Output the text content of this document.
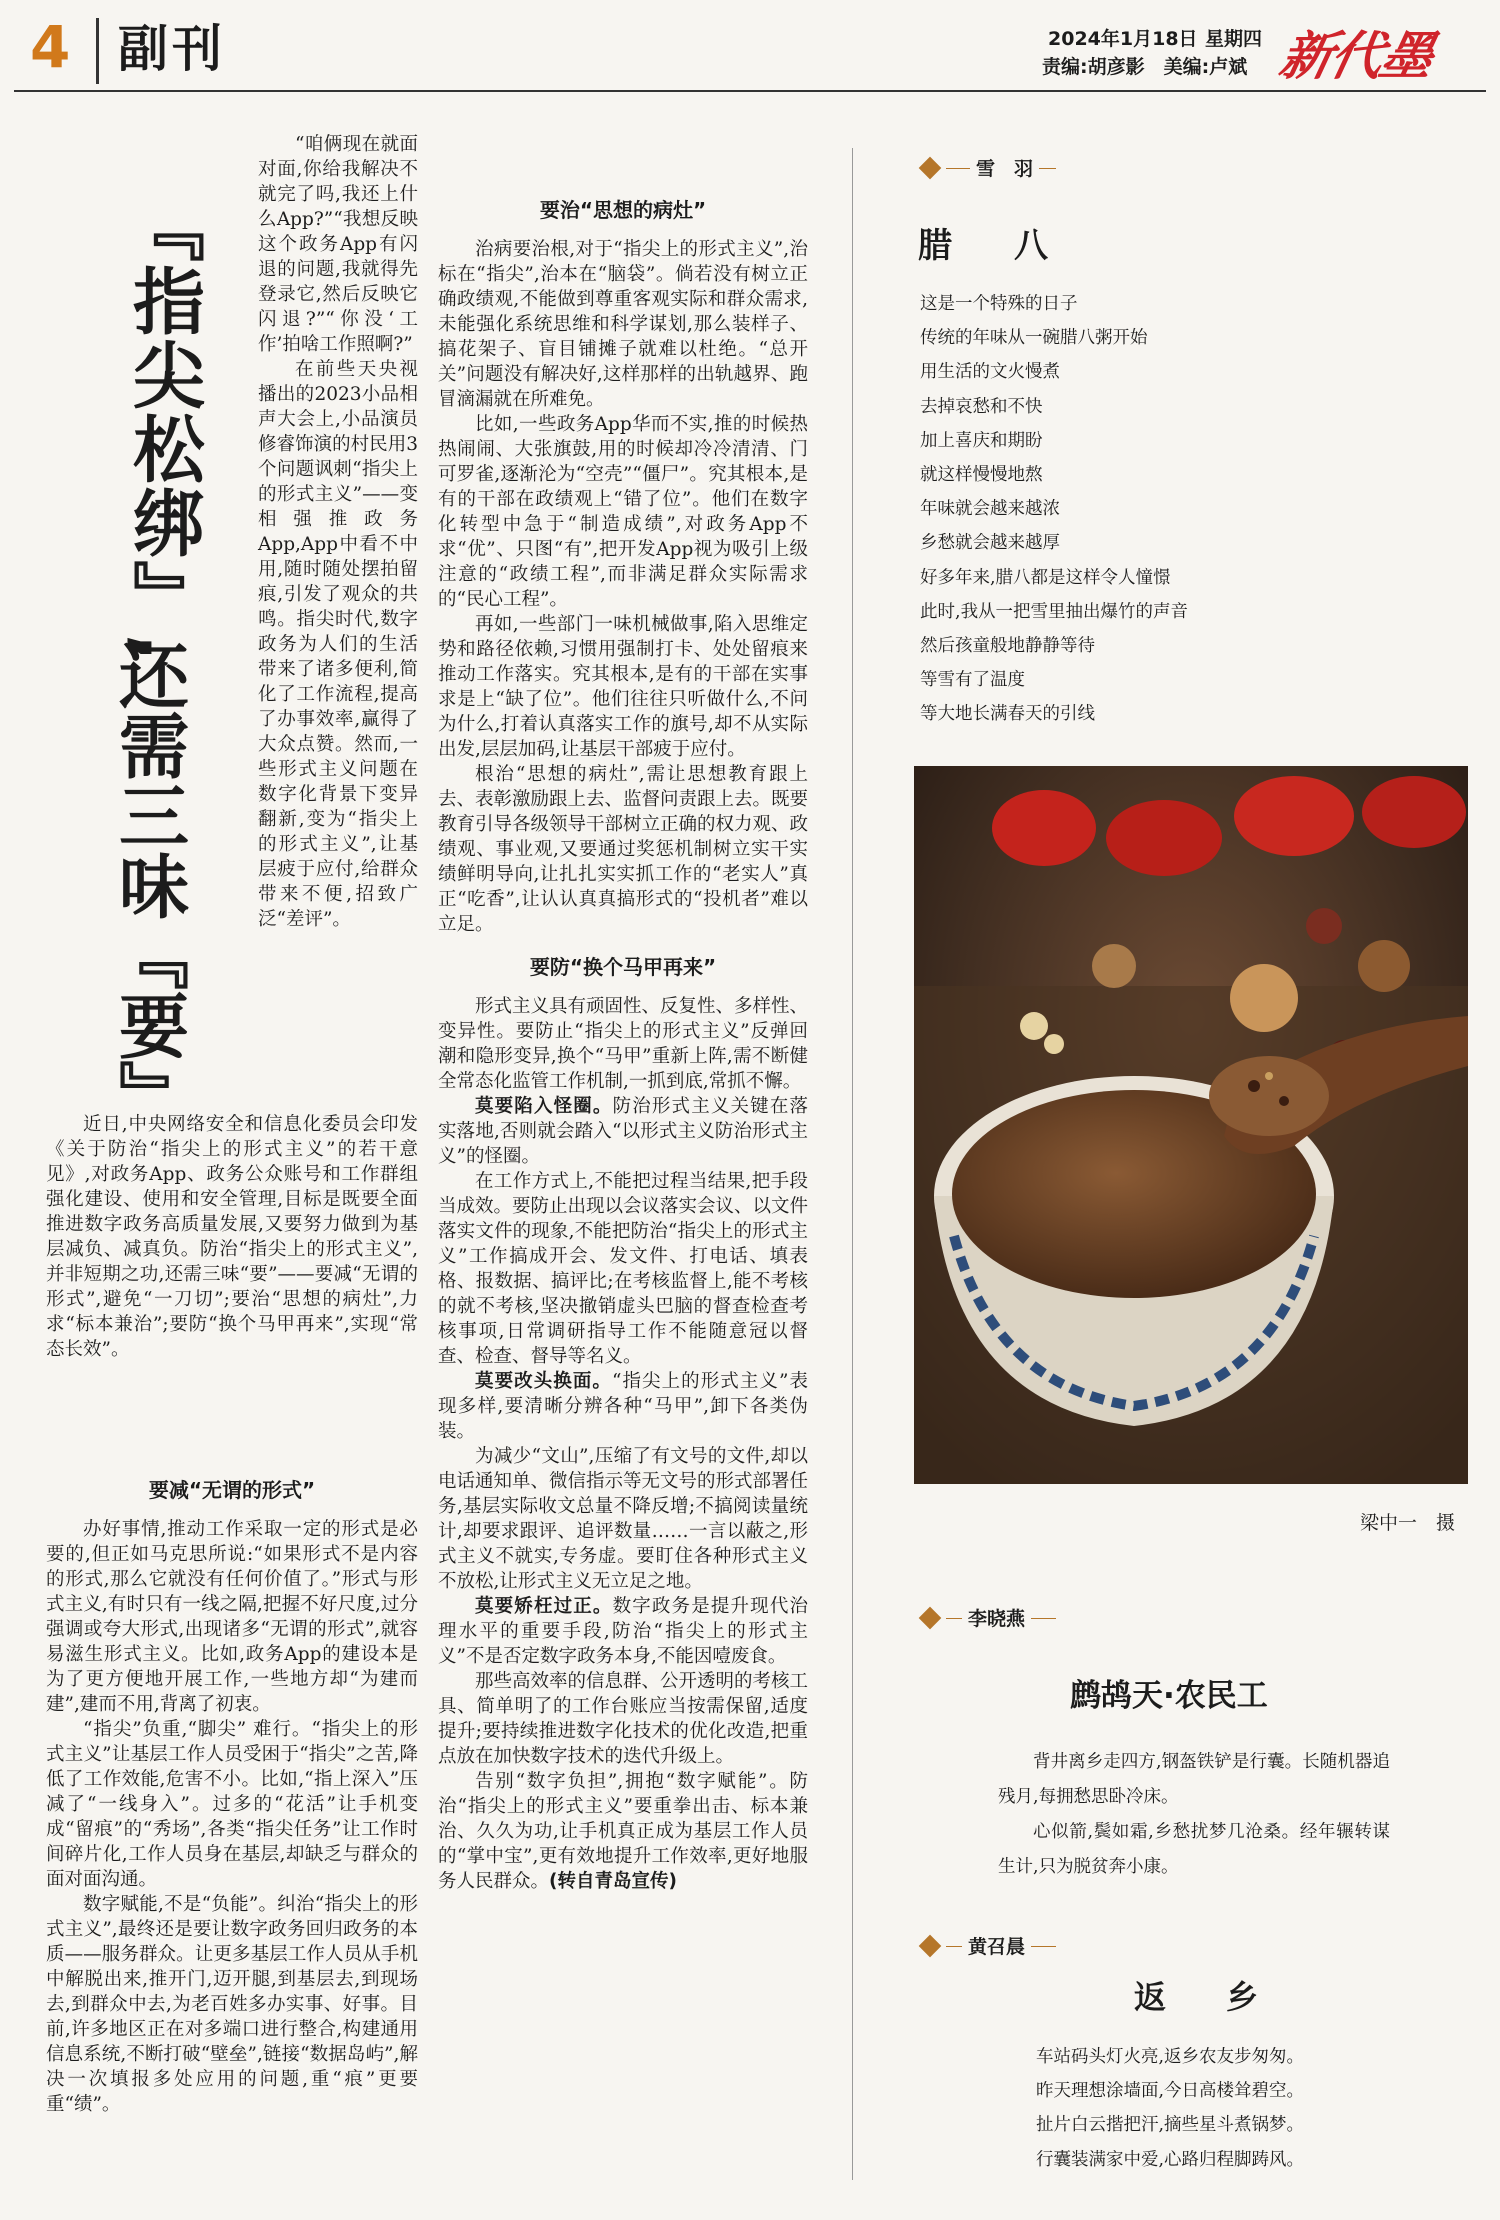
4 副刊	2024年1月18日 星期四
责编:胡彦影　美编:卢斌 新代墨
『指尖松绑』,
还需三味『要』

“咱俩现在就面对面,你给我解决不就完了吗,我还上什么App?”“我想反映这个政务App有闪退的问题,我就得先登录它,然后反映它闪退?”“你没‘工作’拍啥工作照啊?”

在前些天央视播出的2023小品相声大会上,小品演员修睿饰演的村民用3个问题讽刺“指尖上的形式主义”——变相强推政务App,App中看不中用,随时随处摆拍留痕,引发了观众的共鸣。指尖时代,数字政务为人们的生活带来了诸多便利,简化了工作流程,提高了办事效率,赢得了大众点赞。然而,一些形式主义问题在数字化背景下变异翻新,变为“指尖上的形式主义”,让基层疲于应付,给群众带来不便,招致广泛“差评”。

近日,中央网络安全和信息化委员会印发《关于防治“指尖上的形式主义”的若干意见》,对政务App、政务公众账号和工作群组强化建设、使用和安全管理,目标是既要全面推进数字政务高质量发展,又要努力做到为基层减负、减真负。防治“指尖上的形式主义”,并非短期之功,还需三味“要”——要减“无谓的形式”,避免“一刀切”;要治“思想的病灶”,力求“标本兼治”;要防“换个马甲再来”,实现“常态长效”。

要减“无谓的形式”

办好事情,推动工作采取一定的形式是必要的,但正如马克思所说:“如果形式不是内容的形式,那么它就没有任何价值了。”形式与形式主义,有时只有一线之隔,把握不好尺度,过分强调或夸大形式,出现诸多“无谓的形式”,就容易滋生形式主义。比如,政务App的建设本是为了更方便地开展工作,一些地方却“为建而建”,建而不用,背离了初衷。

“指尖”负重,“脚尖” 难行。“指尖上的形式主义”让基层工作人员受困于“指尖”之苦,降低了工作效能,危害不小。比如,“指上深入”压减了“一线身入”。过多的“花活”让手机变成“留痕”的“秀场”,各类“指尖任务”让工作时间碎片化,工作人员身在基层,却缺乏与群众的面对面沟通。

数字赋能,不是“负能”。纠治“指尖上的形式主义”,最终还是要让数字政务回归政务的本质——服务群众。让更多基层工作人员从手机中解脱出来,推开门,迈开腿,到基层去,到现场去,到群众中去,为老百姓多办实事、好事。目前,许多地区正在对多端口进行整合,构建通用信息系统,不断打破“壁垒”,链接“数据岛屿”,解决一次填报多处应用的问题,重“痕”更要重“绩”。

要治“思想的病灶”

治病要治根,对于“指尖上的形式主义”,治标在“指尖”,治本在“脑袋”。倘若没有树立正确政绩观,不能做到尊重客观实际和群众需求,未能强化系统思维和科学谋划,那么装样子、搞花架子、盲目铺摊子就难以杜绝。“总开关”问题没有解决好,这样那样的出轨越界、跑冒滴漏就在所难免。

比如,一些政务App华而不实,推的时候热热闹闹、大张旗鼓,用的时候却冷冷清清、门可罗雀,逐渐沦为“空壳”“僵尸”。究其根本,是有的干部在政绩观上“错了位”。他们在数字化转型中急于“制造成绩”,对政务App不求“优”、只图“有”,把开发App视为吸引上级注意的“政绩工程”,而非满足群众实际需求的“民心工程”。

再如,一些部门一味机械做事,陷入思维定势和路径依赖,习惯用强制打卡、处处留痕来推动工作落实。究其根本,是有的干部在实事求是上“缺了位”。他们往往只听做什么,不问为什么,打着认真落实工作的旗号,却不从实际出发,层层加码,让基层干部疲于应付。

根治“思想的病灶”,需让思想教育跟上去、表彰激励跟上去、监督问责跟上去。既要教育引导各级领导干部树立正确的权力观、政绩观、事业观,又要通过奖惩机制树立实干实绩鲜明导向,让扎扎实实抓工作的“老实人”真正“吃香”,让认认真真搞形式的“投机者”难以立足。

要防“换个马甲再来”

形式主义具有顽固性、反复性、多样性、变异性。要防止“指尖上的形式主义”反弹回潮和隐形变异,换个“马甲”重新上阵,需不断健全常态化监管工作机制,一抓到底,常抓不懈。

莫要陷入怪圈。防治形式主义关键在落实落地,否则就会踏入“以形式主义防治形式主义”的怪圈。

在工作方式上,不能把过程当结果,把手段当成效。要防止出现以会议落实会议、以文件落实文件的现象,不能把防治“指尖上的形式主义”工作搞成开会、发文件、打电话、填表格、报数据、搞评比;在考核监督上,能不考核的就不考核,坚决撤销虚头巴脑的督查检查考核事项,日常调研指导工作不能随意冠以督查、检查、督导等名义。

莫要改头换面。“指尖上的形式主义”表现多样,要清晰分辨各种“马甲”,卸下各类伪装。

为减少“文山”,压缩了有文号的文件,却以电话通知单、微信指示等无文号的形式部署任务,基层实际收文总量不降反增;不搞阅读量统计,却要求跟评、追评数量……一言以蔽之,形式主义不就实,专务虚。要盯住各种形式主义不放松,让形式主义无立足之地。

莫要矫枉过正。数字政务是提升现代治理水平的重要手段,防治“指尖上的形式主义”不是否定数字政务本身,不能因噎废食。

那些高效率的信息群、公开透明的考核工具、简单明了的工作台账应当按需保留,适度提升;要持续推进数字化技术的优化改造,把重点放在加快数字技术的迭代升级上。

告别“数字负担”,拥抱“数字赋能”。防治“指尖上的形式主义”要重拳出击、标本兼治、久久为功,让手机真正成为基层工作人员的“掌中宝”,更有效地提升工作效率,更好地服务人民群众。(转自青岛宣传)

雪　羽
腊　八
这是一个特殊的日子
传统的年味从一碗腊八粥开始
用生活的文火慢煮
去掉哀愁和不快
加上喜庆和期盼
就这样慢慢地熬
年味就会越来越浓
乡愁就会越来越厚
好多年来,腊八都是这样令人憧憬
此时,我从一把雪里抽出爆竹的声音
然后孩童般地静静等待
等雪有了温度
等大地长满春天的引线
梁中一　摄
李晓燕
鹧鸪天·农民工

背井离乡走四方,钢盔铁铲是行囊。长随机器追残月,每拥愁思卧冷床。

心似箭,鬓如霜,乡愁扰梦几沧桑。经年辗转谋生计,只为脱贫奔小康。

黄召晨
返　乡
车站码头灯火亮,返乡农友步匆匆。
昨天理想涂墙面,今日高楼耸碧空。
扯片白云揩把汗,摘些星斗煮锅梦。
行囊装满家中爱,心路归程脚踌风。
